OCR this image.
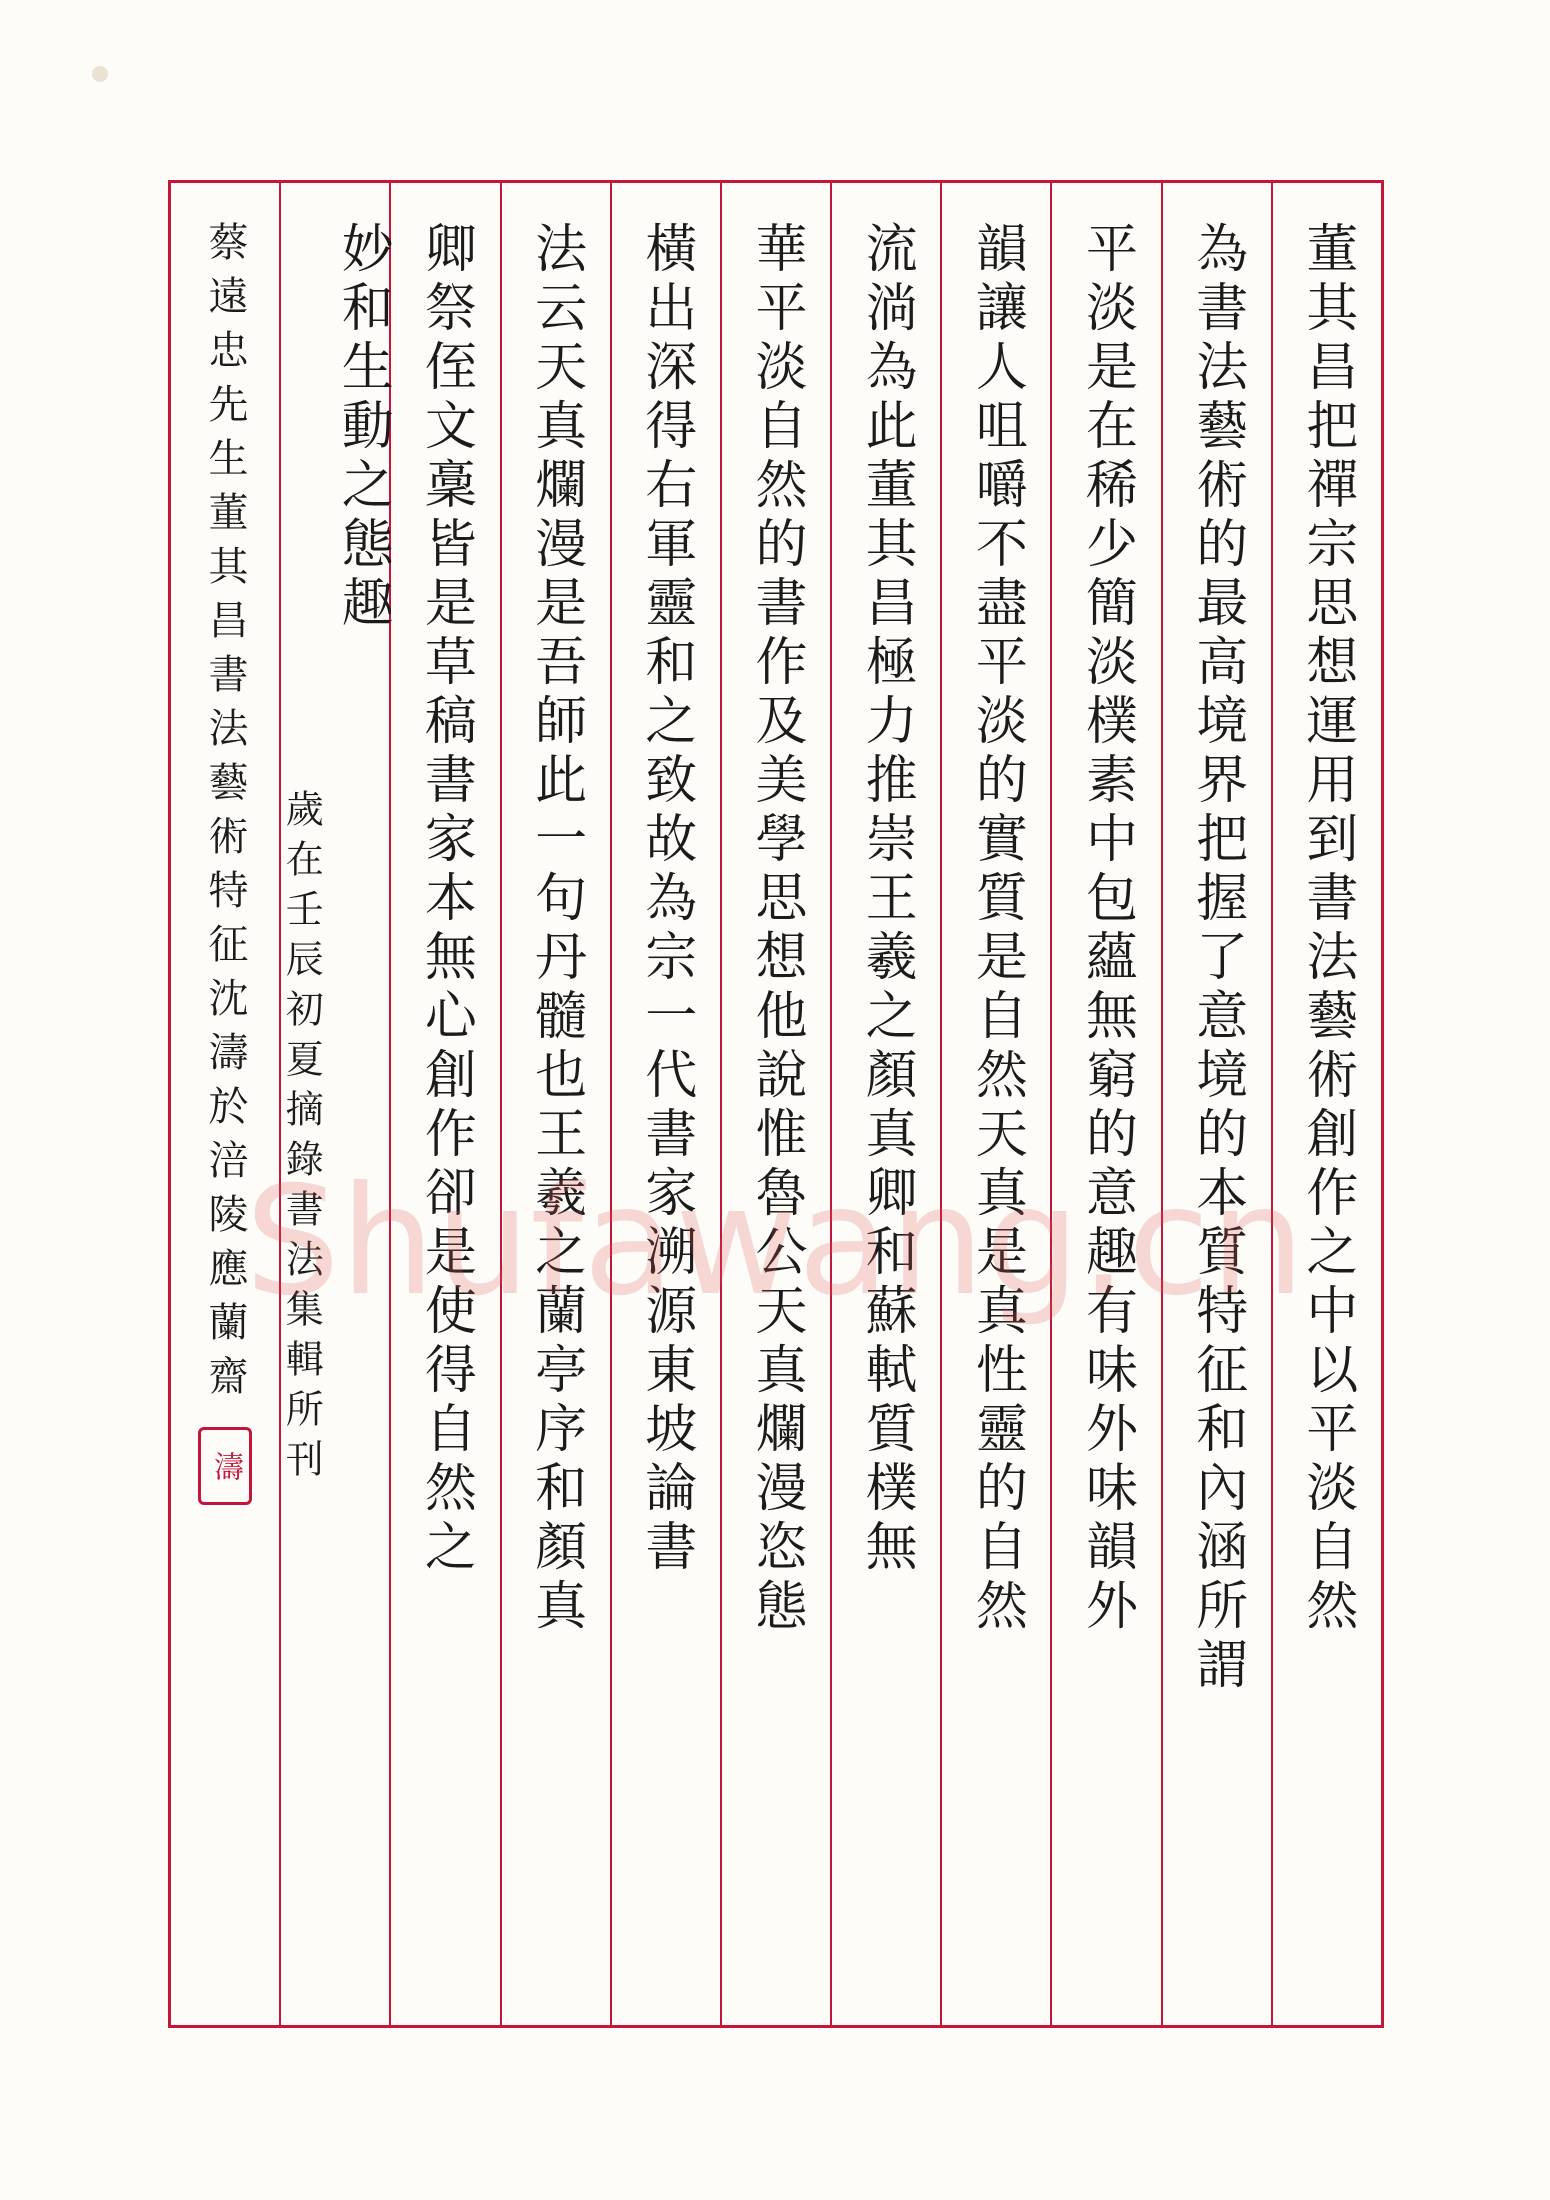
董其昌把禪宗思想運用到書法藝術創作之中以平淡自然
為書法藝術的最高境界把握了意境的本質特征和內涵所謂
平淡是在稀少簡淡樸素中包蘊無窮的意趣有味外味韻外
韻讓人咀嚼不盡平淡的實質是自然天真是真性靈的自然
流淌為此董其昌極力推崇王羲之顏真卿和蘇軾質樸無
華平淡自然的書作及美學思想他說惟魯公天真爛漫恣態
橫出深得右軍靈和之致故為宗一代書家溯源東坡論書
法云天真爛漫是吾師此一句丹髓也王羲之蘭亭序和顏真
卿祭侄文稾皆是草稿書家本無心創作卻是使得自然之
妙和生動之態趣
歲在壬辰初夏摘錄書法集輯所刊
蔡遠忠先生董其昌書法藝術特征沈濤於涪陵應蘭齋
濤
Shufawang.cn
